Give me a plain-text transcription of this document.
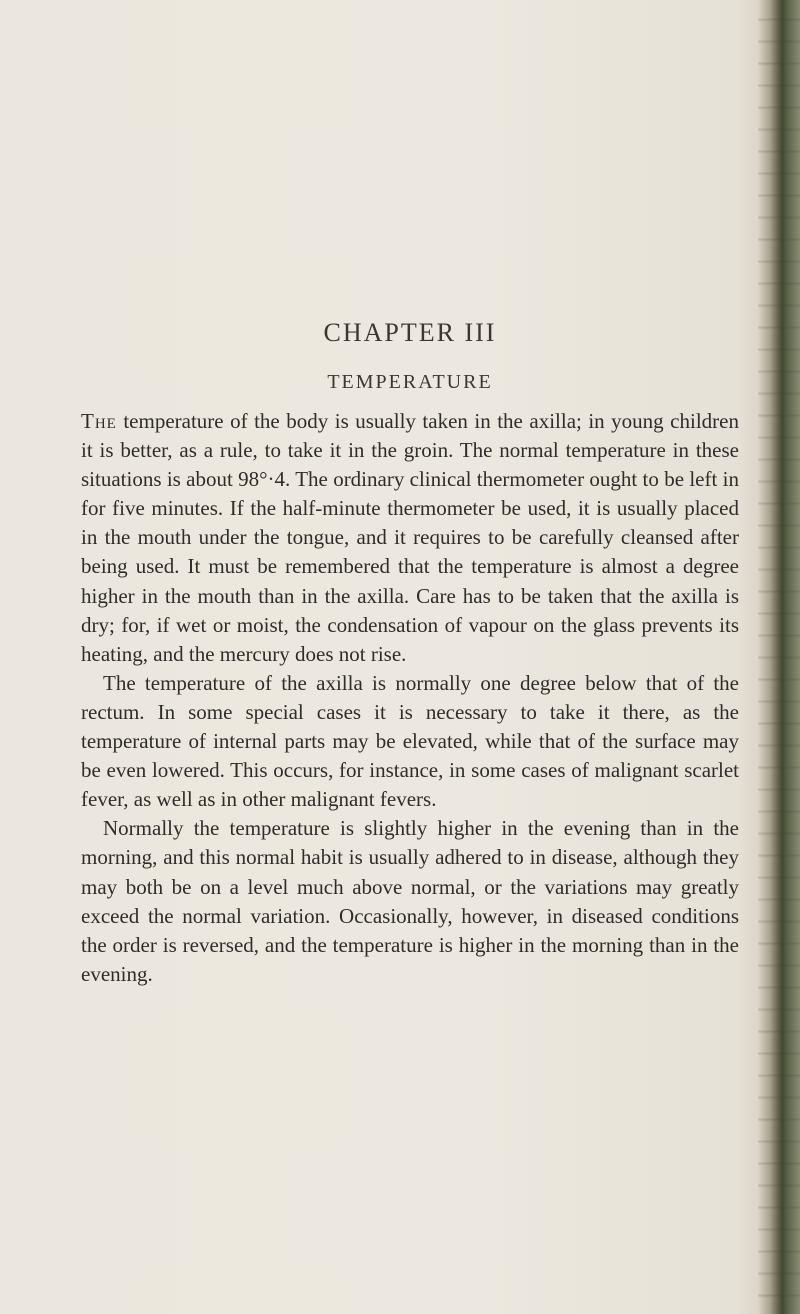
CHAPTER III
TEMPERATURE

The temperature of the body is usually taken in the axilla; in young children it is better, as a rule, to take it in the groin. The normal temperature in these situations is about 98°·4. The ordinary clinical thermometer ought to be left in for five minutes. If the half-minute thermometer be used, it is usually placed in the mouth under the tongue, and it requires to be carefully cleansed after being used. It must be remembered that the temperature is almost a degree higher in the mouth than in the axilla. Care has to be taken that the axilla is dry; for, if wet or moist, the condensation of vapour on the glass prevents its heating, and the mercury does not rise.

The temperature of the axilla is normally one degree below that of the rectum. In some special cases it is necessary to take it there, as the temperature of internal parts may be elevated, while that of the surface may be even lowered. This occurs, for instance, in some cases of malignant scarlet fever, as well as in other malignant fevers.

Normally the temperature is slightly higher in the evening than in the morning, and this normal habit is usually adhered to in disease, although they may both be on a level much above normal, or the variations may greatly exceed the normal variation. Occasionally, however, in diseased conditions the order is reversed, and the temperature is higher in the morning than in the evening.
